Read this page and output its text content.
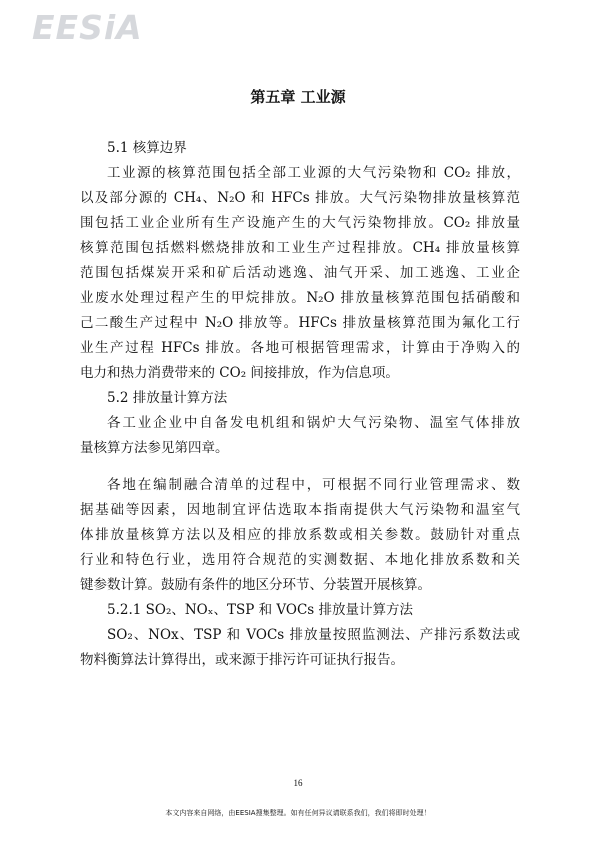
EESiA
第五章 工业源
5.1 核算边界
工业源的核算范围包括全部工业源的大气污染物和 CO₂ 排放，
以及部分源的 CH₄、N₂O 和 HFCs 排放。大气污染物排放量核算范
围包括工业企业所有生产设施产生的大气污染物排放。CO₂ 排放量
核算范围包括燃料燃烧排放和工业生产过程排放。CH₄ 排放量核算
范围包括煤炭开采和矿后活动逃逸、油气开采、加工逃逸、工业企
业废水处理过程产生的甲烷排放。N₂O 排放量核算范围包括硝酸和
己二酸生产过程中 N₂O 排放等。HFCs 排放量核算范围为氟化工行
业生产过程 HFCs 排放。各地可根据管理需求，计算由于净购入的
电力和热力消费带来的 CO₂ 间接排放，作为信息项。
5.2 排放量计算方法
各工业企业中自备发电机组和锅炉大气污染物、温室气体排放
量核算方法参见第四章。
各地在编制融合清单的过程中，可根据不同行业管理需求、数
据基础等因素，因地制宜评估选取本指南提供大气污染物和温室气
体排放量核算方法以及相应的排放系数或相关参数。鼓励针对重点
行业和特色行业，选用符合规范的实测数据、本地化排放系数和关
键参数计算。鼓励有条件的地区分环节、分装置开展核算。
5.2.1 SO₂、NOₓ、TSP 和 VOCs 排放量计算方法
SO₂、NOx、TSP 和 VOCs 排放量按照监测法、产排污系数法或
物料衡算法计算得出，或来源于排污许可证执行报告。
16
本文内容来自网络，由EESIA搜集整理。如有任何异议请联系我们，我们将即时处理！
